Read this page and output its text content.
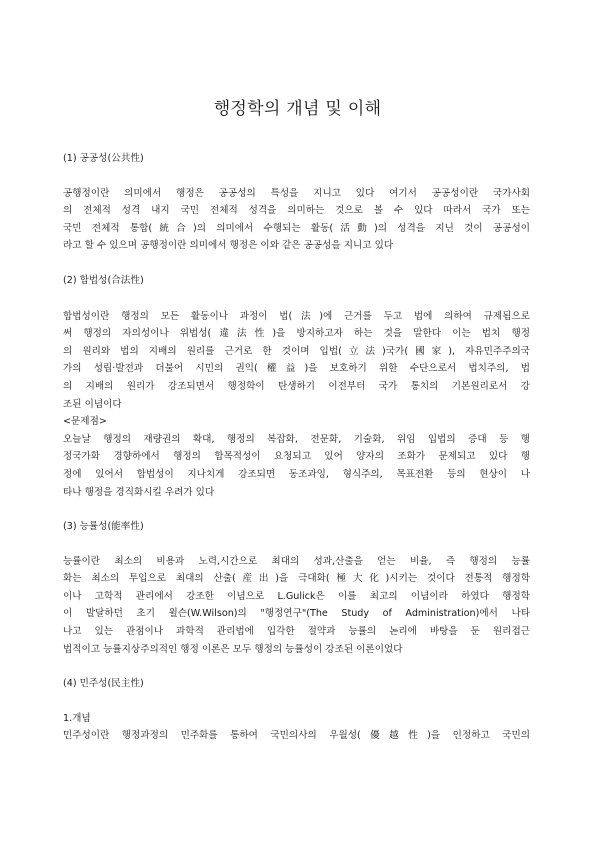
행정학의 개념 및 이해
(1) 공공성(公共性)
공행정이란 의미에서 행정은 공공성의 특성을 지니고 있다 여기서 공공성이란 국가사회
의 전체적 성격 내지 국민 전체적 성격을 의미하는 것으로 볼 수 있다 따라서 국가 또는
국민 전체적 통합(統合)의 의미에서 수행되는 활동(活動)의 성격을 지닌 것이 공공성이
라고 할 수 있으며 공행정이란 의미에서 행정은 이와 같은 공공성을 지니고 있다
(2) 합법성(合法性)
합법성이란 행정의 모든 활동이나 과정이 법(法)에 근거를 두고 법에 의하여 규제됨으로
써 행정의 자의성이나 위법성(違法性)을 방지하고자 하는 것을 말한다 이는 법치 행정
의 원리와 법의 지배의 원리를 근거로 한 것이며 입법(立法)국가(國家), 자유민주주의국
가의 성립·발전과 더불어 시민의 권익(權益)을 보호하기 위한 수단으로서 법치주의, 법
의 지배의 원리가 강조되면서 행정학이 탄생하기 이전부터 국가 통치의 기본원리로서 강
조된 이념이다
<문제점>
오늘날 행정의 재량권의 확대, 행정의 복잡화, 전문화, 기술화, 위임 입법의 증대 등 행
정국가화 경향하에서 행정의 합목적성이 요청되고 있어 양자의 조화가 문제되고 있다 행
정에 있어서 합법성이 지나치게 강조되면 동조과잉, 형식주의, 목표전환 등의 현상이 나
타나 행정을 경직화시킬 우려가 있다
(3) 능률성(能率性)
능률이란 최소의 비용과 노력,시간으로 최대의 성과,산출을 얻는 비율, 즉 행정의 능률
화는 최소의 투입으로 최대의 산출(産出)을 극대화(極大化)시키는 것이다 전통적 행정학
이나 고학적 관리에서 강조한 이념으로 L.Gulick은 이를 최고의 이념이라 하였다 행정학
이 발달하던 초기 윌슨(W.Wilson)의 "행정연구"(The Study of Administration)에서 나타
나고 있는 관점이나 과학적 관리법에 입각한 절약과 능률의 논리에 바탕을 둔 원리접근
법적이고 능률지상주의적인 행정 이론은 모두 행정의 능률성이 강조된 이론이었다
(4) 민주성(民主性)
1.개념
민주성이란 행정과정의 민주화를 통하여 국민의사의 우월성(優越性)을 인정하고 국민의
